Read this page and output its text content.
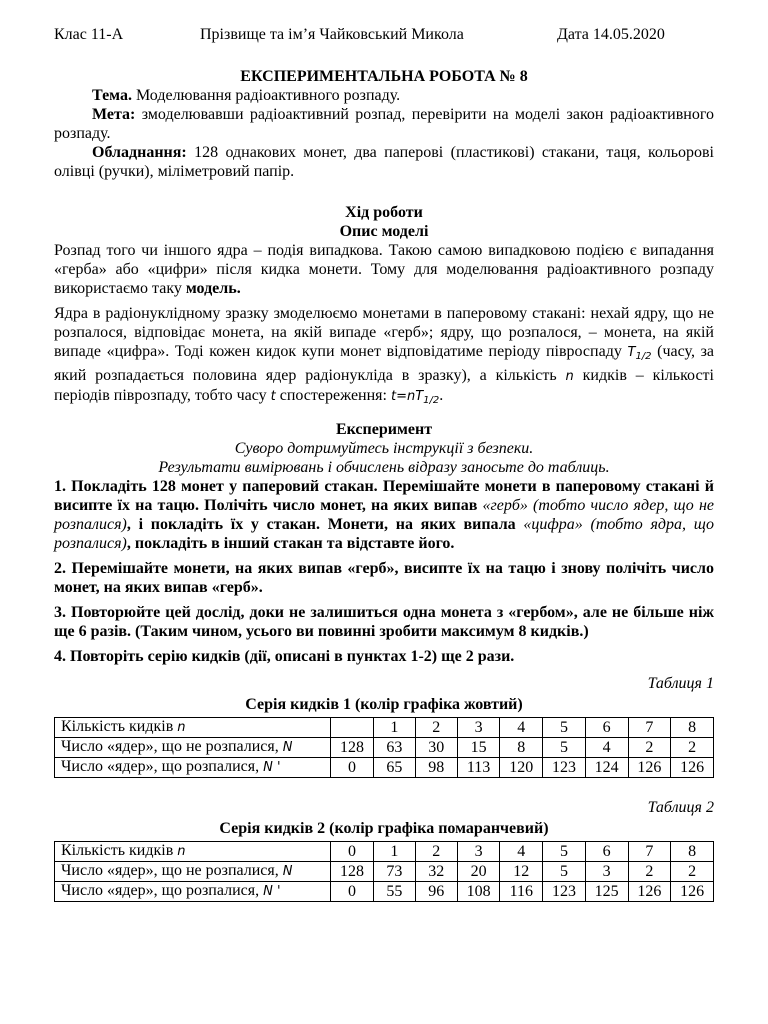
Клас 11-А	Прізвище та ім’я Чайковський Микола	Дата 14.05.2020
ЕКСПЕРИМЕНТАЛЬНА РОБОТА № 8

Тема. Моделювання радіоактивного розпаду.

Мета: змоделювавши радіоактивний розпад, перевірити на моделі закон радіоактивного розпаду.

Обладнання: 128 однакових монет, два паперові (пластикові) стакани, таця, кольорові олівці (ручки), міліметровий папір.

Хід роботи
Опис моделі

Розпад того чи іншого ядра – подія випадкова. Такою самою випадковою подією є випадання «герба» або «цифри» після кидка монети. Тому для моделювання радіоактивного розпаду використаємо таку модель.

Ядра в радіонуклідному зразку змоделюємо монетами в паперовому стакані: нехай ядру, що не розпалося, відповідає монета, на якій випаде «герб»; ядру, що розпалося, – монета, на якій випаде «цифра». Тоді кожен кидок купи монет відповідатиме періоду півроспаду $T_{1/2}$ (часу, за який розпадається половина ядер радіонукліда в зразку), а кількість n кидків – кількості періодів піврозпаду, тобто часу t спостереження: $t=nT_{1/2}$.

Експеримент
Суворо дотримуйтесь інструкції з безпеки.
Результати вимірювань і обчислень відразу заносьте до таблиць.

1. Покладіть 128 монет у паперовий стакан. Перемішайте монети в паперовому стакані й висипте їх на тацю. Полічіть число монет, на яких випав «герб» (тобто число ядер, що не розпалися), і покладіть їх у стакан. Монети, на яких випала «цифра» (тобто ядра, що розпалися), покладіть в інший стакан та відставте його.

2. Перемішайте монети, на яких випав «герб», висипте їх на тацю і знову полічіть число монет, на яких випав «герб».

3. Повторюйте цей дослід, доки не залишиться одна монета з «гербом», але не більше ніж ще 6 разів. (Таким чином, усього ви повинні зробити максимум 8 кидків.)

4. Повторіть серію кидків (дії, описані в пунктах 1-2) ще 2 рази.

Таблиця 1
Серія кидків 1 (колір графіка жовтий)
Кількість кидків n		1	2	3	4	5	6	7	8
Число «ядер», що не розпалися, N	128	63	30	15	8	5	4	2	2
Число «ядер», що розпалися, N '	0	65	98	113	120	123	124	126	126
Таблиця 2
Серія кидків 2 (колір графіка помаранчевий)
Кількість кидків n	0	1	2	3	4	5	6	7	8
Число «ядер», що не розпалися, N	128	73	32	20	12	5	3	2	2
Число «ядер», що розпалися, N '	0	55	96	108	116	123	125	126	126
